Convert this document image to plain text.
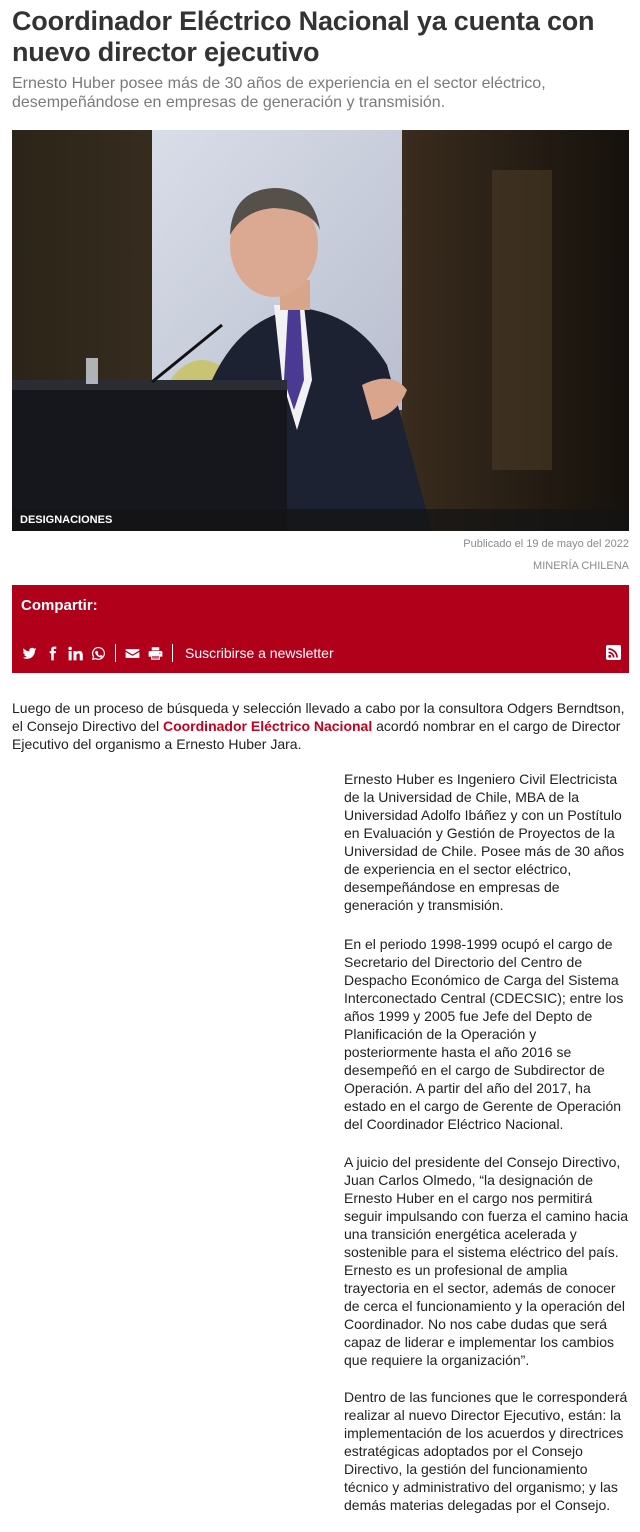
Coordinador Eléctrico Nacional ya cuenta con nuevo director ejecutivo

Ernesto Huber posee más de 30 años de experiencia en el sector eléctrico, desempeñándose en empresas de generación y transmisión.

DESIGNACIONES
Publicado el 19 de mayo del 2022
MINERÍA CHILENA
Compartir:
Suscribirse a newsletter

Luego de un proceso de búsqueda y selección llevado a cabo por la consultora Odgers Berndtson, el Consejo Directivo del Coordinador Eléctrico Nacional acordó nombrar en el cargo de Director Ejecutivo del organismo a Ernesto Huber Jara.

Ernesto Huber es Ingeniero Civil Electricista de la Universidad de Chile, MBA de la Universidad Adolfo Ibáñez y con un Postítulo en Evaluación y Gestión de Proyectos de la Universidad de Chile. Posee más de 30 años de experiencia en el sector eléctrico, desempeñándose en empresas de generación y transmisión.

En el periodo 1998-1999 ocupó el cargo de Secretario del Directorio del Centro de Despacho Económico de Carga del Sistema Interconectado Central (CDECSIC); entre los años 1999 y 2005 fue Jefe del Depto de Planificación de la Operación y posteriormente hasta el año 2016 se desempeñó en el cargo de Subdirector de Operación. A partir del año del 2017, ha estado en el cargo de Gerente de Operación del Coordinador Eléctrico Nacional.

A juicio del presidente del Consejo Directivo, Juan Carlos Olmedo, “la designación de Ernesto Huber en el cargo nos permitirá seguir impulsando con fuerza el camino hacia una transición energética acelerada y sostenible para el sistema eléctrico del país. Ernesto es un profesional de amplia trayectoria en el sector, además de conocer de cerca el funcionamiento y la operación del Coordinador. No nos cabe dudas que será capaz de liderar e implementar los cambios que requiere la organización”.

Dentro de las funciones que le corresponderá realizar al nuevo Director Ejecutivo, están: la implementación de los acuerdos y directrices estratégicas adoptados por el Consejo Directivo, la gestión del funcionamiento técnico y administrativo del organismo; y las demás materias delegadas por el Consejo.
